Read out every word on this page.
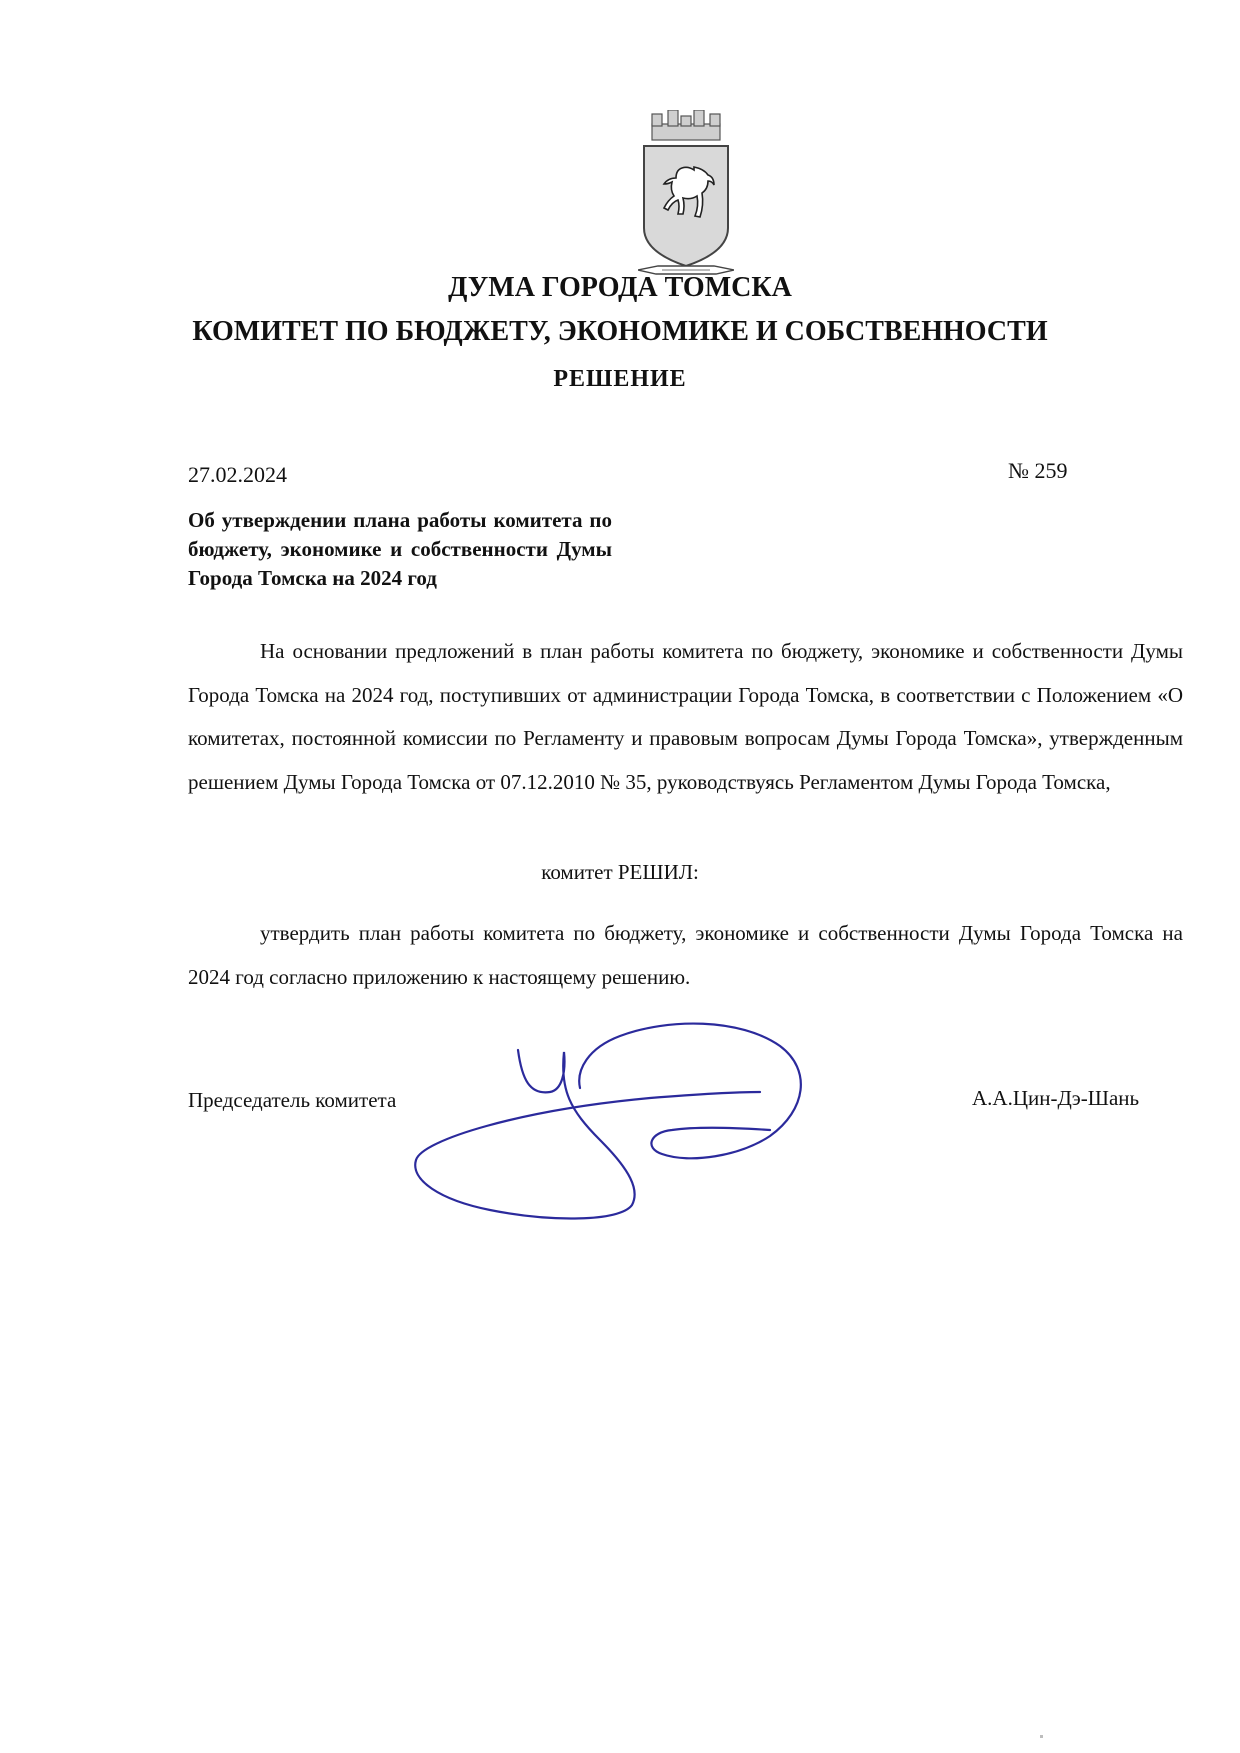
ДУМА ГОРОДА ТОМСКА
КОМИТЕТ ПО БЮДЖЕТУ, ЭКОНОМИКЕ И СОБСТВЕННОСТИ
РЕШЕНИЕ
27.02.2024	№ 259
Об утверждении плана работы комитета по бюджету, экономике и собственности Думы Города Томска на 2024 год
На основании предложений в план работы комитета по бюджету, экономике и собственности Думы Города Томска на 2024 год, поступивших от администрации Города Томска, в соответствии с Положением «О комитетах, постоянной комиссии по Регламенту и правовым вопросам Думы Города Томска», утвержденным решением Думы Города Томска от 07.12.2010 № 35, руководствуясь Регламентом Думы Города Томска,
комитет РЕШИЛ:
утвердить план работы комитета по бюджету, экономике и собственности Думы Города Томска на 2024 год согласно приложению к настоящему решению.
Председатель комитета	А.А.Цин-Дэ-Шань
